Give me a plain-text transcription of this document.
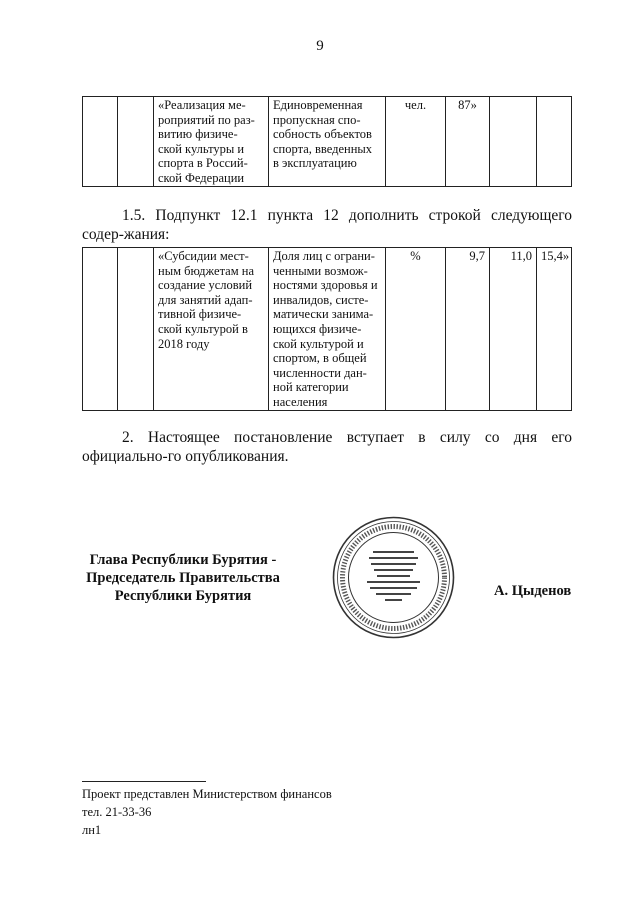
9
		«Реализация ме-
роприятий по раз-
витию физиче-
ской культуры и
спорта в Россий-
ской Федерации	Единовременная
пропускная спо-
собность объектов
спорта, введенных
в эксплуатацию	чел.	87»		

1.5. Подпункт 12.1 пункта 12 дополнить строкой следующего содер-жания:

		«Субсидии мест-
ным бюджетам на
создание условий
для занятий адап-
тивной физиче-
ской культурой в
2018 году	Доля лиц с ограни-
ченными возмож-
ностями здоровья и
инвалидов, систе-
матически занима-
ющихся физиче-
ской культурой и
спортом, в общей
численности дан-
ной категории
населения	%	9,7	11,0	15,4»

2. Настоящее постановление вступает в силу со дня его официально-го опубликования.

Глава Республики Бурятия -
Председатель Правительства
Республики Бурятия	А. Цыденов
Проект представлен Министерством финансов
тел. 21-33-36
лн1
